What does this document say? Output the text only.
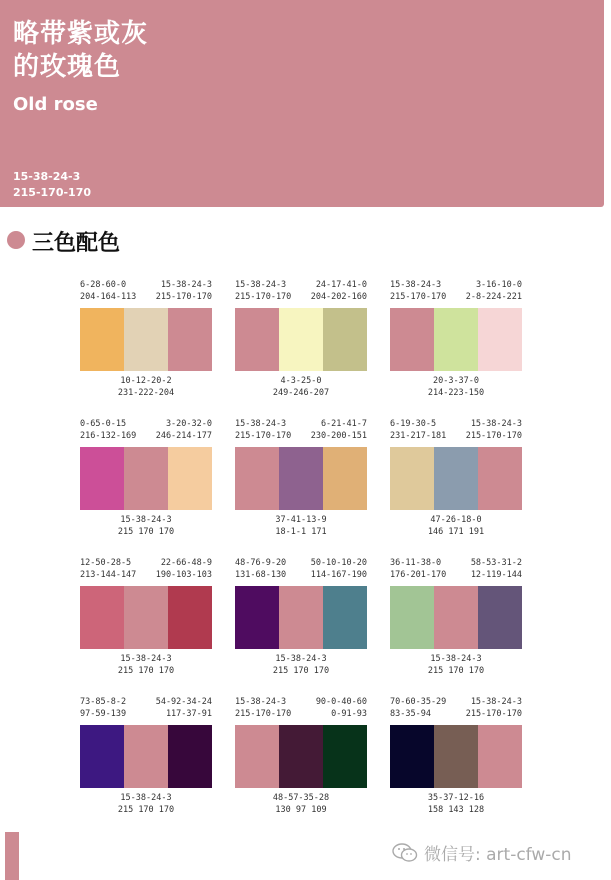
略带紫或灰
的玫瑰色
Old rose
15-38-24-3
215-170-170
三色配色
6-28-60-0
204-164-113
15-38-24-3
215-170-170
10-12-20-2
231-222-204
15-38-24-3
215-170-170
24-17-41-0
204-202-160
4-3-25-0
249-246-207
15-38-24-3
215-170-170
3-16-10-0
2-8-224-221
20-3-37-0
214-223-150
0-65-0-15
216-132-169
3-20-32-0
246-214-177
15-38-24-3
215 170 170
15-38-24-3
215-170-170
6-21-41-7
230-200-151
37-41-13-9
18-1-1 171
6-19-30-5
231-217-181
15-38-24-3
215-170-170
47-26-18-0
146 171 191
12-50-28-5
213-144-147
22-66-48-9
190-103-103
15-38-24-3
215 170 170
48-76-9-20
131-68-130
50-10-10-20
114-167-190
15-38-24-3
215 170 170
36-11-38-0
176-201-170
58-53-31-2
12-119-144
15-38-24-3
215 170 170
73-85-8-2
97-59-139
54-92-34-24
117-37-91
15-38-24-3
215 170 170
15-38-24-3
215-170-170
90-0-40-60
0-91-93
48-57-35-28
130 97 109
70-60-35-29
83-35-94
15-38-24-3
215-170-170
35-37-12-16
158 143 128
微信号: art-cfw-cn
